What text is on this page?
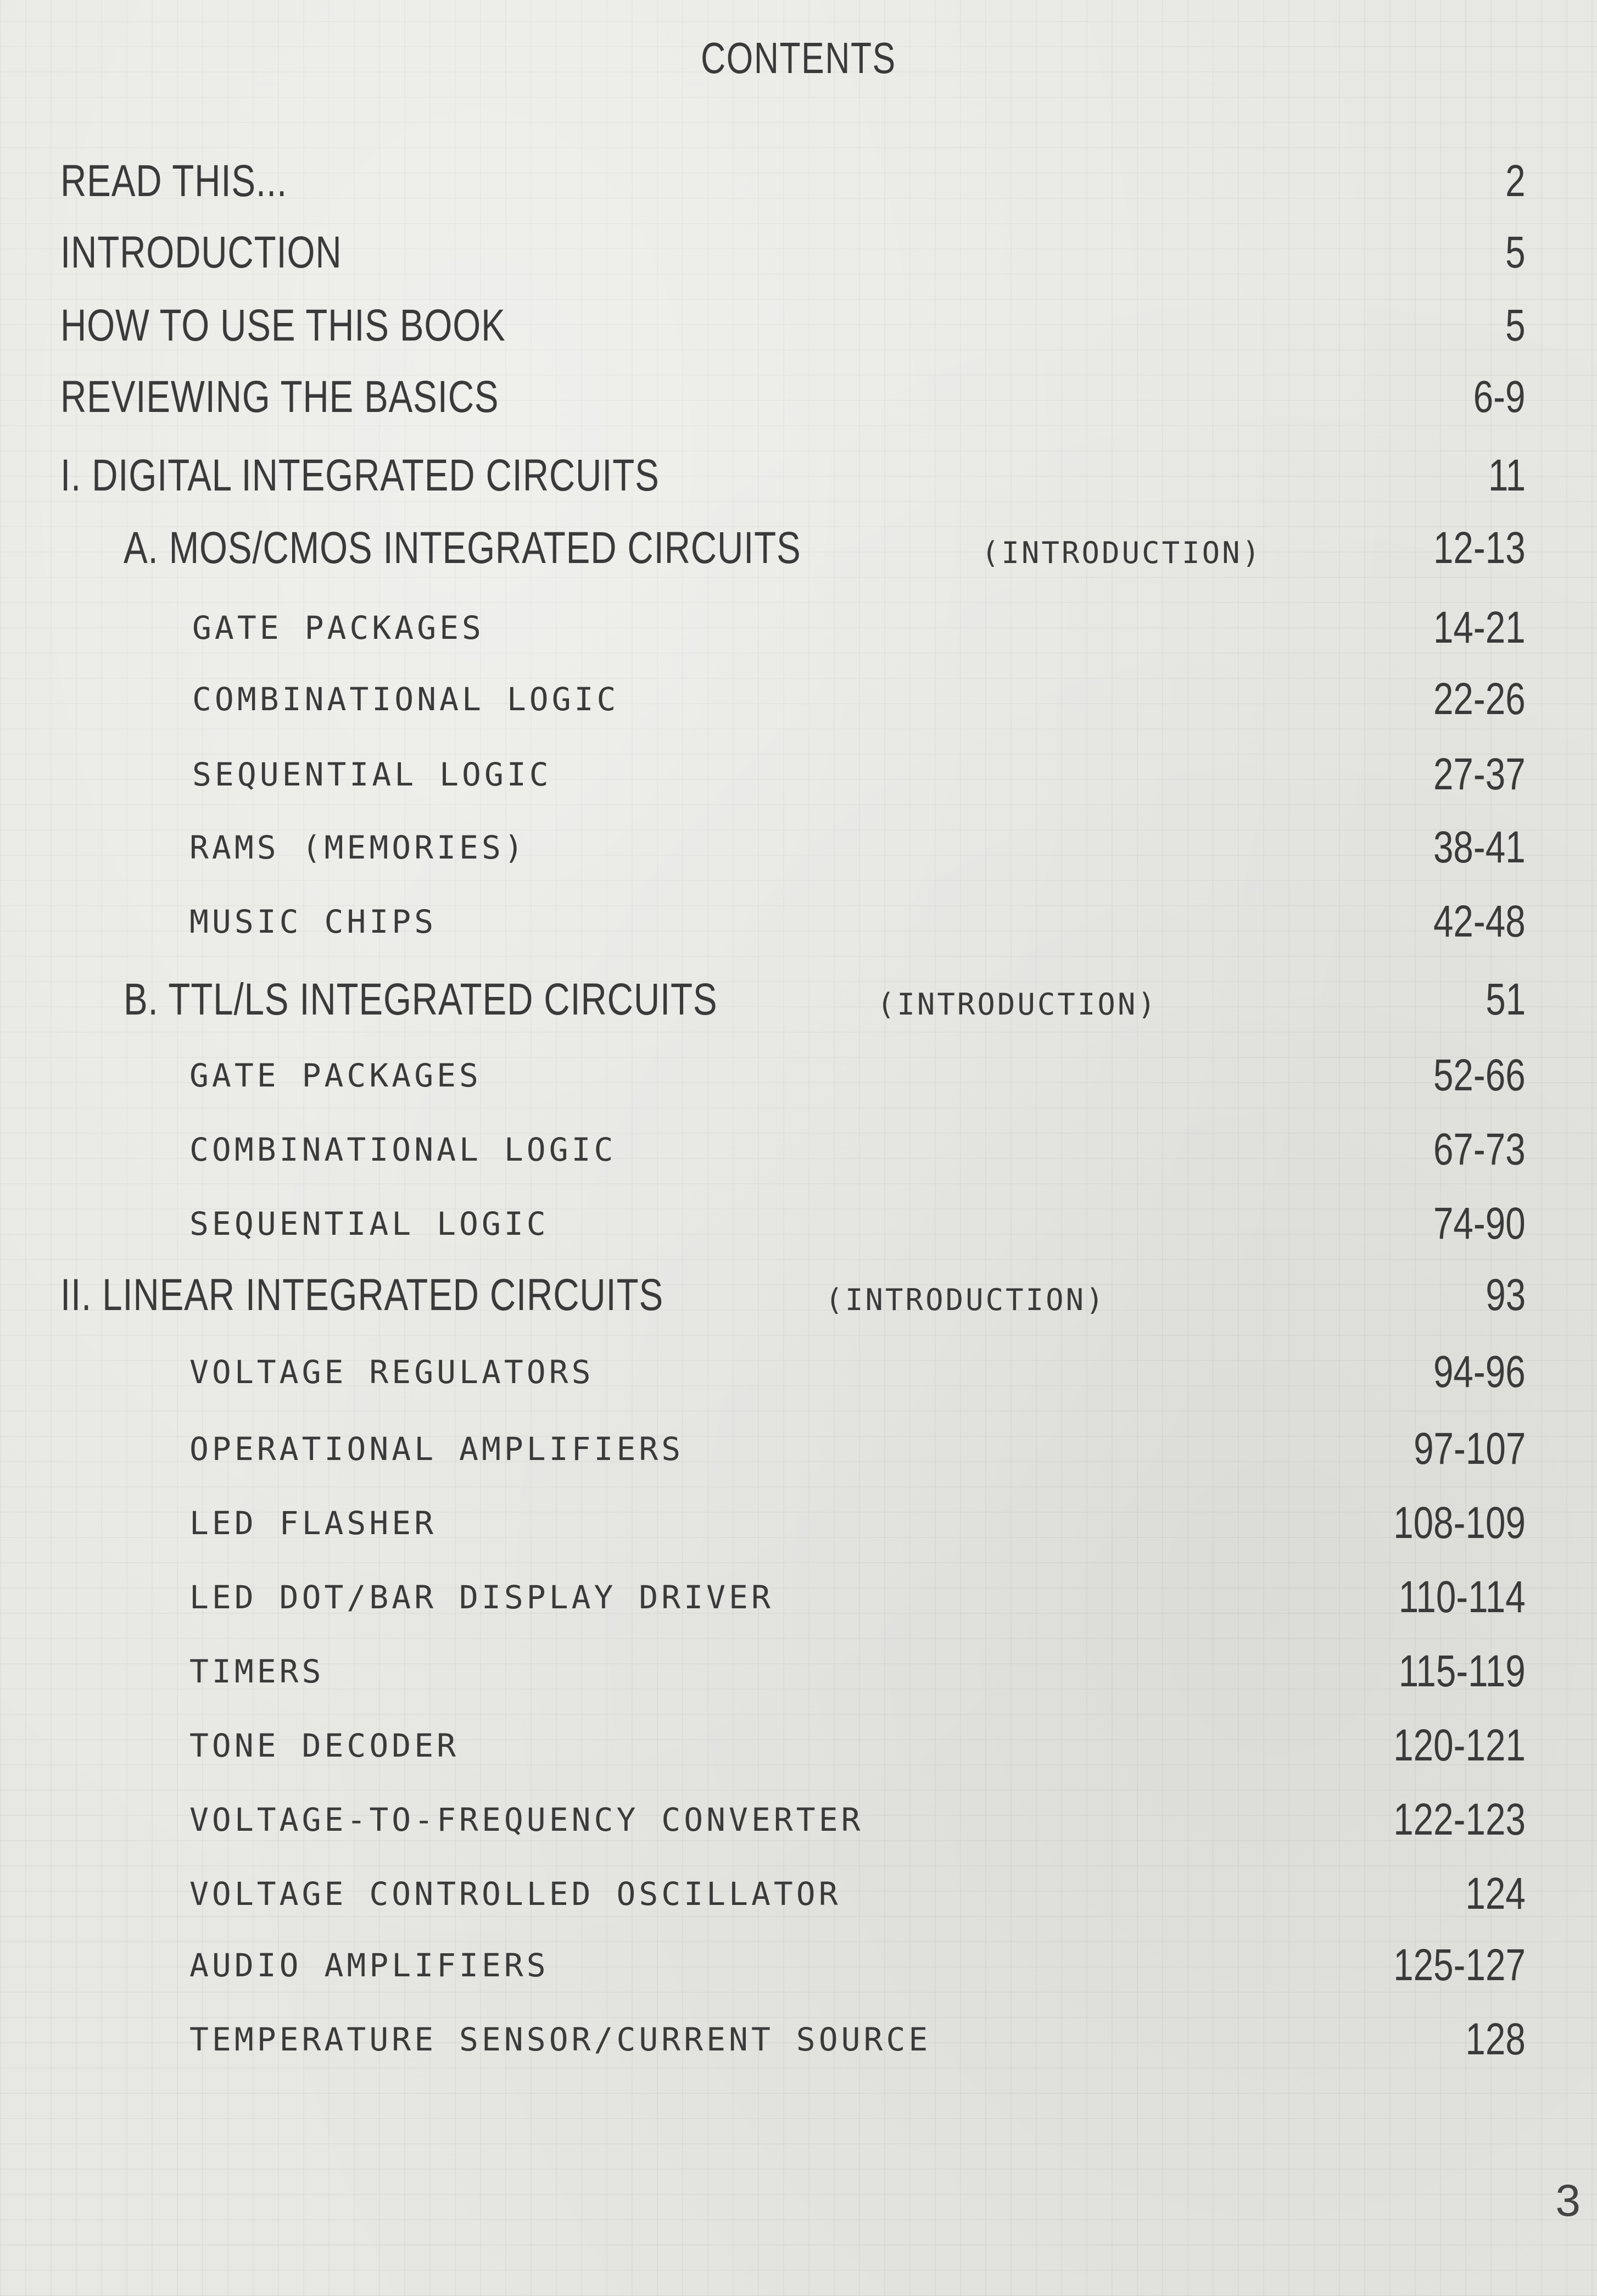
CONTENTS
READ THIS...	2
INTRODUCTION	5
HOW TO USE THIS BOOK	5
REVIEWING THE BASICS	6-9
I. DIGITAL INTEGRATED CIRCUITS	11
A. MOS/CMOS INTEGRATED CIRCUITS	(INTRODUCTION)	12-13
GATE PACKAGES	14-21
COMBINATIONAL LOGIC	22-26
SEQUENTIAL LOGIC	27-37
RAMS (MEMORIES)	38-41
MUSIC CHIPS	42-48
B. TTL/LS INTEGRATED CIRCUITS	(INTRODUCTION)	51
GATE PACKAGES	52-66
COMBINATIONAL LOGIC	67-73
SEQUENTIAL LOGIC	74-90
II. LINEAR INTEGRATED CIRCUITS	(INTRODUCTION)	93
VOLTAGE REGULATORS	94-96
OPERATIONAL AMPLIFIERS	97-107
LED FLASHER	108-109
LED DOT/BAR DISPLAY DRIVER	110-114
TIMERS	115-119
TONE DECODER	120-121
VOLTAGE-TO-FREQUENCY CONVERTER	122-123
VOLTAGE CONTROLLED OSCILLATOR	124
AUDIO AMPLIFIERS	125-127
TEMPERATURE SENSOR/CURRENT SOURCE	128
3
